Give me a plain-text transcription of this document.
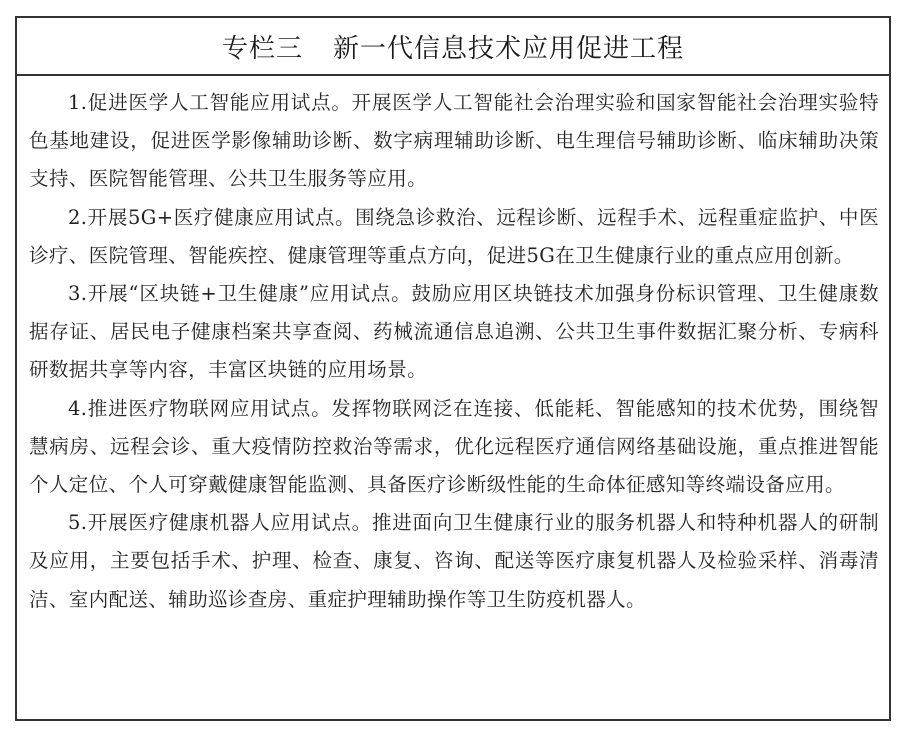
专栏三 新一代信息技术应用促进工程

1.促进医学人工智能应用试点。开展医学人工智能社会治理实验和国家智能社会治理实验特色基地建设，促进医学影像辅助诊断、数字病理辅助诊断、电生理信号辅助诊断、临床辅助决策支持、医院智能管理、公共卫生服务等应用。

2.开展5G+医疗健康应用试点。围绕急诊救治、远程诊断、远程手术、远程重症监护、中医诊疗、医院管理、智能疾控、健康管理等重点方向，促进5G在卫生健康行业的重点应用创新。

3.开展“区块链+卫生健康”应用试点。鼓励应用区块链技术加强身份标识管理、卫生健康数据存证、居民电子健康档案共享查阅、药械流通信息追溯、公共卫生事件数据汇聚分析、专病科研数据共享等内容，丰富区块链的应用场景。

4.推进医疗物联网应用试点。发挥物联网泛在连接、低能耗、智能感知的技术优势，围绕智慧病房、远程会诊、重大疫情防控救治等需求，优化远程医疗通信网络基础设施，重点推进智能个人定位、个人可穿戴健康智能监测、具备医疗诊断级性能的生命体征感知等终端设备应用。

5.开展医疗健康机器人应用试点。推进面向卫生健康行业的服务机器人和特种机器人的研制及应用，主要包括手术、护理、检查、康复、咨询、配送等医疗康复机器人及检验采样、消毒清洁、室内配送、辅助巡诊查房、重症护理辅助操作等卫生防疫机器人。
